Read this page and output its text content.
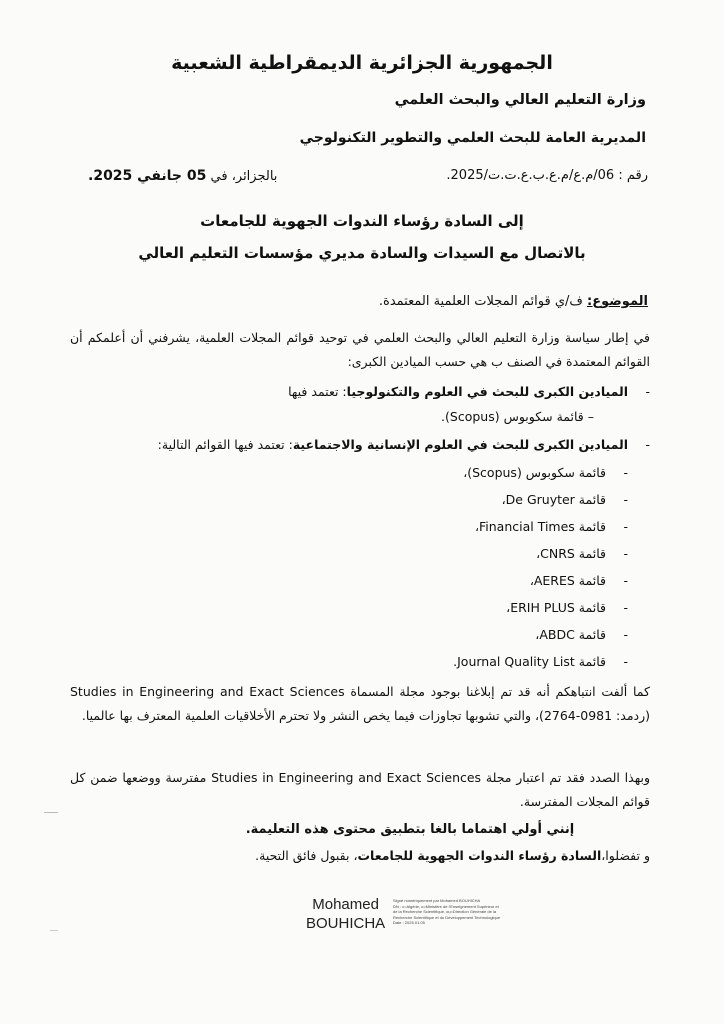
الجمهورية الجزائرية الديمقراطية الشعبية
وزارة التعليم العالي والبحث العلمي
المديرية العامة للبحث العلمي والتطوير التكنولوجي
رقم : 06/م.ع/م.ع.ب.ع.ت.ت/2025.
بالجزائر، في 05 جانفي 2025.
إلى السادة رؤساء الندوات الجهوية للجامعات
بالاتصال مع السيدات والسادة مديري مؤسسات التعليم العالي
الموضوع: ف/ي قوائم المجلات العلمية المعتمدة.
في إطار سياسة وزارة التعليم العالي والبحث العلمي في توحيد قوائم المجلات العلمية، يشرفني أن أعلمكم أن القوائم المعتمدة في الصنف ب هي حسب الميادين الكبرى:
-
الميادين الكبرى للبحث في العلوم والتكنولوجيا: تعتمد فيها
– قائمة سكوبوس (Scopus).
-
الميادين الكبرى للبحث في العلوم الإنسانية والاجتماعية: تعتمد فيها القوائم التالية:
-
قائمة سكوبوس (Scopus)،
-
قائمة De Gruyter،
-
قائمة Financial Times،
-
قائمة CNRS،
-
قائمة AERES،
-
قائمة ERIH PLUS،
-
قائمة ABDC،
-
قائمة Journal Quality List.
كما ألفت انتباهكم أنه قد تم إبلاغنا بوجود مجلة المسماة Studies in Engineering and Exact Sciences (ردمد: 0981-2764)، والتي تشوبها تجاوزات فيما يخص النشر ولا تحترم الأخلاقيات العلمية المعترف بها عالميا.
وبهذا الصدد فقد تم اعتبار مجلة Studies in Engineering and Exact Sciences مفترسة ووضعها ضمن كل قوائم المجلات المفترسة.
إنني أولي اهتماما بالغا بتطبيق محتوى هذه التعليمة.
و تفضلوا،السادة رؤساء الندوات الجهوية للجامعات، بقبول فائق التحية.
Mohamed
BOUHICHA
Signé numériquement par Mohamed BOUHICHA
DN : c=Algérie, o=Ministère de l'Enseignement Supérieur et de la Recherche Scientifique, ou=Direction Générale de la Recherche Scientifique et du Développement Technologique
Date : 2025.01.05
